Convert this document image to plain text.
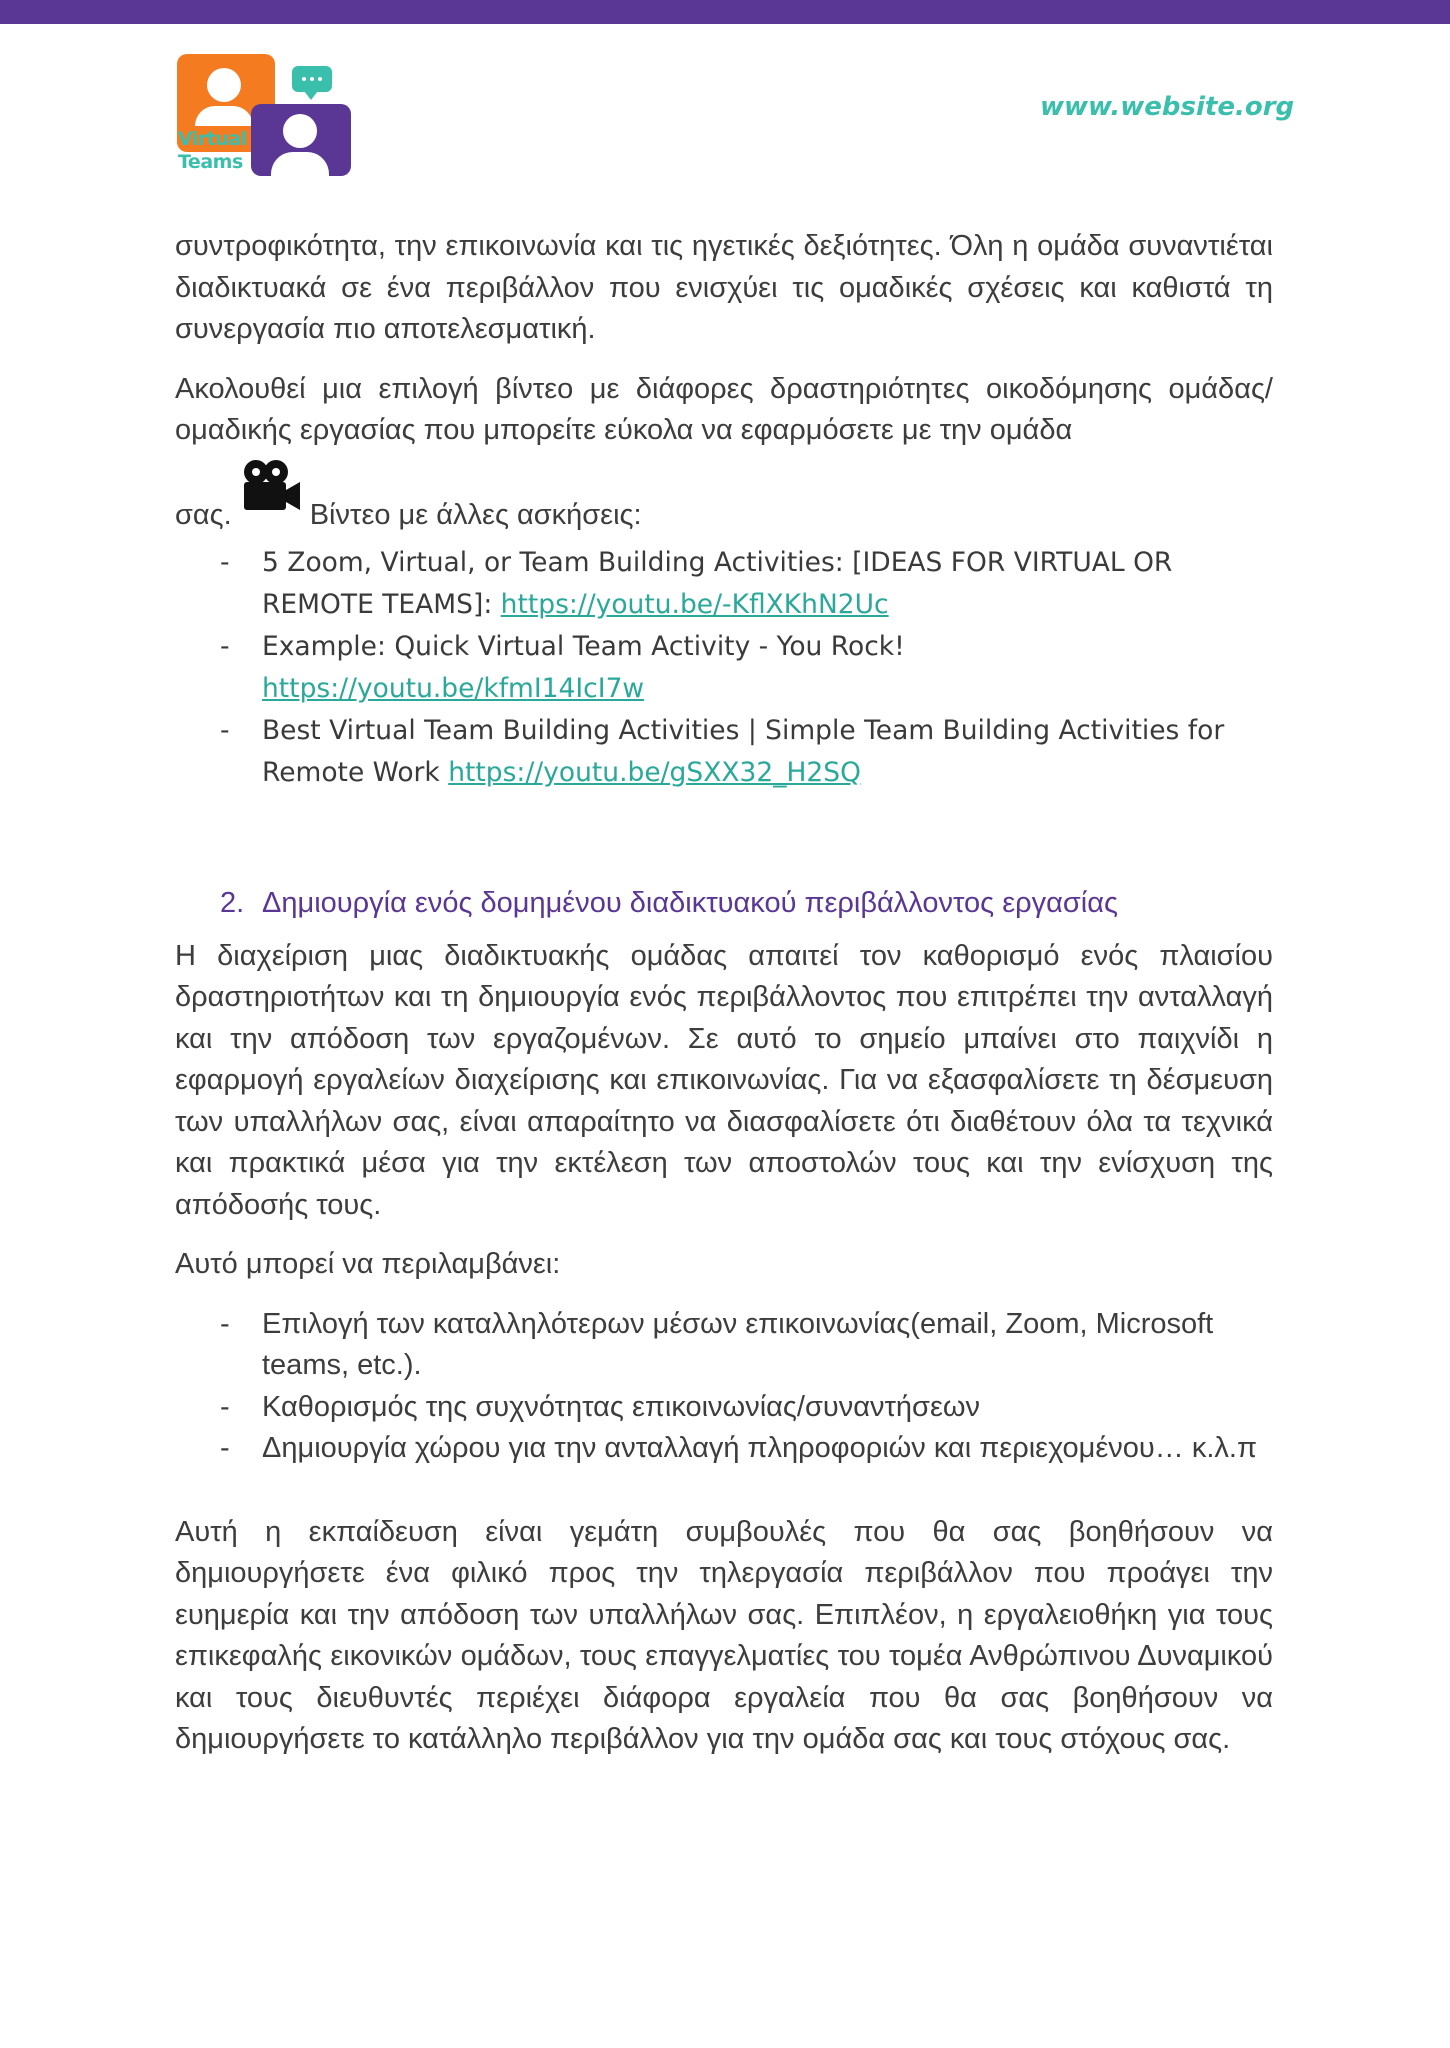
Virtual
Teams
www.website.org

συντροφικότητα, την επικοινωνία και τις ηγετικές δεξιότητες. Όλη η ομάδα συναντιέται διαδικτυακά σε ένα περιβάλλον που ενισχύει τις ομαδικές σχέσεις και καθιστά τη συνεργασία πιο αποτελεσματική.

Ακολουθεί μια επιλογή βίντεο με διάφορες δραστηριότητες οικοδόμησης ομάδας/ομαδικής εργασίας που μπορείτε εύκολα να εφαρμόσετε με την ομάδα

σας.	Βίντεο με άλλες ασκήσεις:

- 5 Zoom, Virtual, or Team Building Activities: [IDEAS FOR VIRTUAL OR REMOTE TEAMS]: https://youtu.be/-KflXKhN2Uc
- Example: Quick Virtual Team Activity - You Rock! https://youtu.be/kfmI14IcI7w
- Best Virtual Team Building Activities | Simple Team Building Activities for Remote Work https://youtu.be/gSXX32_H2SQ
2. Δημιουργία ενός δομημένου διαδικτυακού περιβάλλοντος εργασίας

Η διαχείριση μιας διαδικτυακής ομάδας απαιτεί τον καθορισμό ενός πλαισίου δραστηριοτήτων και τη δημιουργία ενός περιβάλλοντος που επιτρέπει την ανταλλαγή και την απόδοση των εργαζομένων. Σε αυτό το σημείο μπαίνει στο παιχνίδι η εφαρμογή εργαλείων διαχείρισης και επικοινωνίας. Για να εξασφαλίσετε τη δέσμευση των υπαλλήλων σας, είναι απαραίτητο να διασφαλίσετε ότι διαθέτουν όλα τα τεχνικά και πρακτικά μέσα για την εκτέλεση των αποστολών τους και την ενίσχυση της απόδοσής τους.

Αυτό μπορεί να περιλαμβάνει:

- Επιλογή των καταλληλότερων μέσων επικοινωνίας(email, Zoom, Microsoft teams, etc.).
- Καθορισμός της συχνότητας επικοινωνίας/συναντήσεων
- Δημιουργία χώρου για την ανταλλαγή πληροφοριών και περιεχομένου… κ.λ.π

Αυτή η εκπαίδευση είναι γεμάτη συμβουλές που θα σας βοηθήσουν να δημιουργήσετε ένα φιλικό προς την τηλεργασία περιβάλλον που προάγει την ευημερία και την απόδοση των υπαλλήλων σας. Επιπλέον, η εργαλειοθήκη για τους επικεφαλής εικονικών ομάδων, τους επαγγελματίες του τομέα Ανθρώπινου Δυναμικού και τους διευθυντές περιέχει διάφορα εργαλεία που θα σας βοηθήσουν να δημιουργήσετε το κατάλληλο περιβάλλον για την ομάδα σας και τους στόχους σας.
